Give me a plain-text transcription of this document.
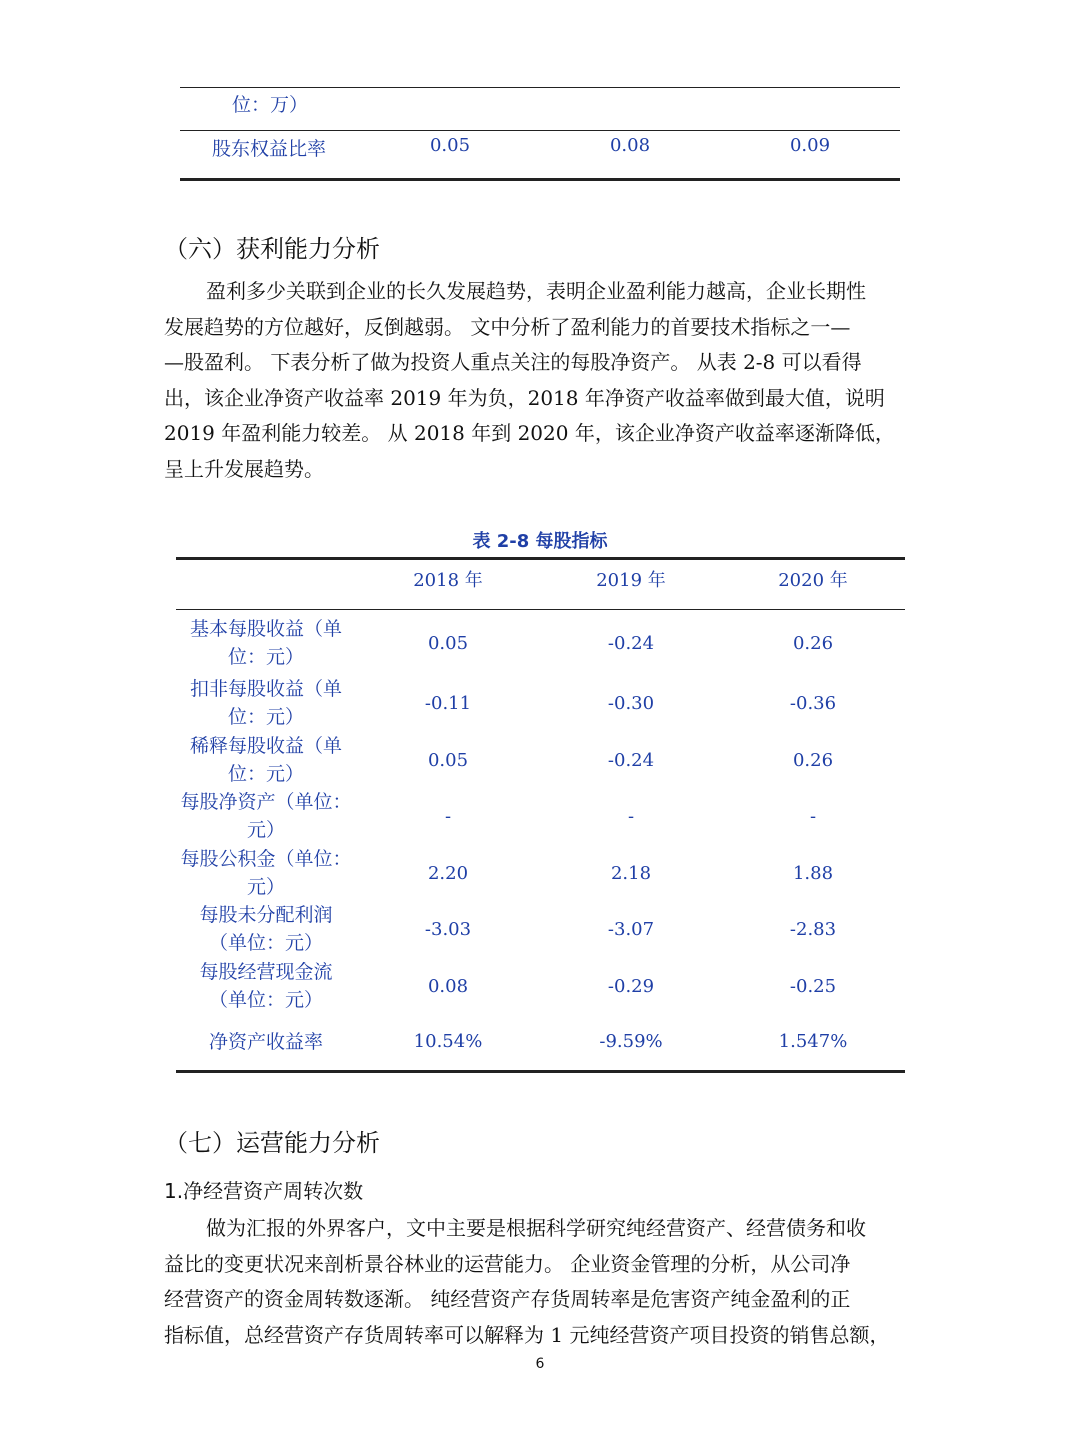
位：万）
股东权益比率	0.05	0.08	0.09
（六）获利能力分析
盈利多少关联到企业的长久发展趋势，表明企业盈利能力越高，企业长期性
发展趋势的方位越好，反倒越弱。 文中分析了盈利能力的首要技术指标之一—
—股盈利。 下表分析了做为投资人重点关注的每股净资产。 从表 2-8 可以看得
出，该企业净资产收益率 2019 年为负，2018 年净资产收益率做到最大值，说明
2019 年盈利能力较差。 从 2018 年到 2020 年，该企业净资产收益率逐渐降低，
呈上升发展趋势。
表 2-8 每股指标
2018 年	2019 年	2020 年
基本每股收益（单
位：元）
0.05	-0.24	0.26
扣非每股收益（单
位：元）
-0.11	-0.30	-0.36
稀释每股收益（单
位：元）
0.05	-0.24	0.26
每股净资产（单位：
元）
-	-	-
每股公积金（单位：
元）
2.20	2.18	1.88
每股未分配利润
（单位：元）
-3.03	-3.07	-2.83
每股经营现金流
（单位：元）
0.08	-0.29	-0.25
净资产收益率	10.54%	-9.59%	1.547%
（七）运营能力分析
1.净经营资产周转次数
做为汇报的外界客户，文中主要是根据科学研究纯经营资产、经营债务和收
益比的变更状况来剖析景谷林业的运营能力。 企业资金管理的分析，从公司净
经营资产的资金周转数逐渐。 纯经营资产存货周转率是危害资产纯金盈利的正
指标值，总经营资产存货周转率可以解释为 1 元纯经营资产项目投资的销售总额，
6
